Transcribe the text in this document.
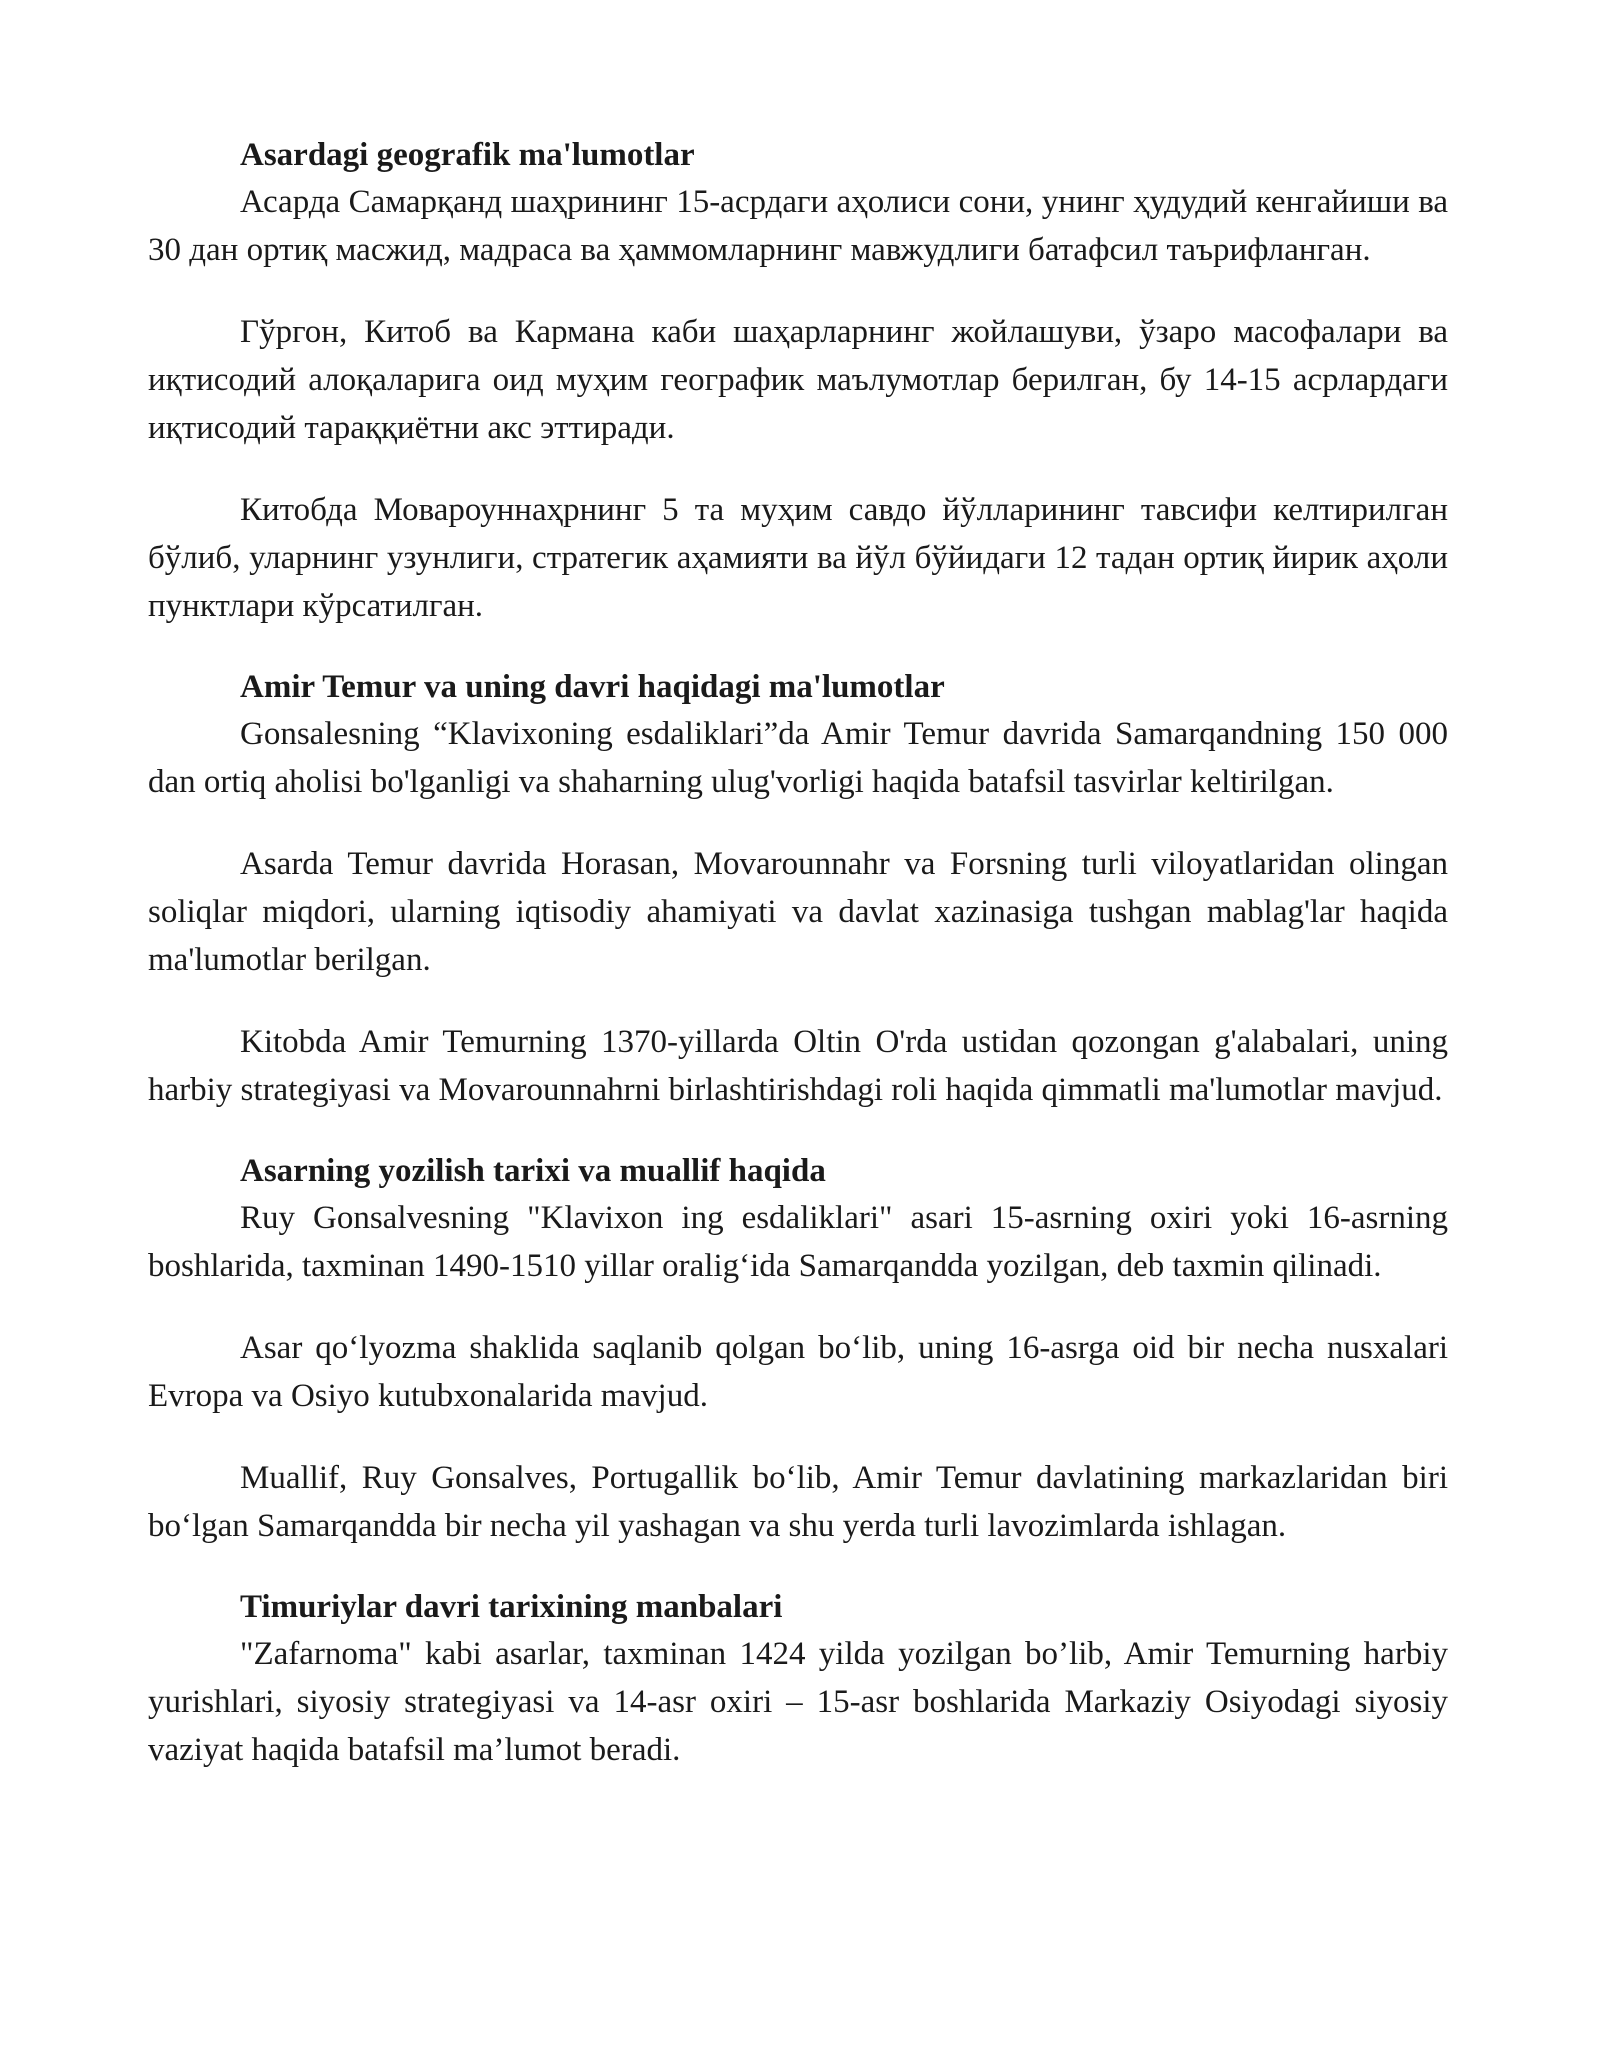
Asardagi geografik ma'lumotlar

Асарда Самарқанд шаҳрининг 15-асрдаги аҳолиси сони, унинг ҳудудий кенгайиши ва 30 дан ортиқ масжид, мадраса ва ҳаммомларнинг мавжудлиги батафсил таърифланган.

Гўргон, Китоб ва Кармана каби шаҳарларнинг жойлашуви, ўзаро масофалари ва иқтисодий алоқаларига оид муҳим географик маълумотлар берилган, бу 14-15 асрлардаги иқтисодий тараққиётни акс эттиради.

Китобда Мовароуннаҳрнинг 5 та муҳим савдо йўлларининг тавсифи келтирилган бўлиб, уларнинг узунлиги, стратегик аҳамияти ва йўл бўйидаги 12 тадан ортиқ йирик аҳоли пунктлари кўрсатилган.

Amir Temur va uning davri haqidagi ma'lumotlar

Gonsalesning “Klavixoning esdaliklari”da Amir Temur davrida Samarqandning 150 000 dan ortiq aholisi bo'lganligi va shaharning ulug'vorligi haqida batafsil tasvirlar keltirilgan.

Asarda Temur davrida Horasan, Movarounnahr va Forsning turli viloyatlaridan olingan soliqlar miqdori, ularning iqtisodiy ahamiyati va davlat xazinasiga tushgan mablag'lar haqida ma'lumotlar berilgan.

Kitobda Amir Temurning 1370-yillarda Oltin O'rda ustidan qozongan g'alabalari, uning harbiy strategiyasi va Movarounnahrni birlashtirishdagi roli haqida qimmatli ma'lumotlar mavjud.

Asarning yozilish tarixi va muallif haqida

Ruy Gonsalvesning "Klavixon ing esdaliklari" asari 15-asrning oxiri yoki 16-asrning boshlarida, taxminan 1490-1510 yillar oralig‘ida Samarqandda yozilgan, deb taxmin qilinadi.

Asar qo‘lyozma shaklida saqlanib qolgan bo‘lib, uning 16-asrga oid bir necha nusxalari Evropa va Osiyo kutubxonalarida mavjud.

Muallif, Ruy Gonsalves, Portugallik bo‘lib, Amir Temur davlatining markazlaridan biri bo‘lgan Samarqandda bir necha yil yashagan va shu yerda turli lavozimlarda ishlagan.

Timuriylar davri tarixining manbalari

"Zafarnoma" kabi asarlar, taxminan 1424 yilda yozilgan bo’lib, Amir Temurning harbiy yurishlari, siyosiy strategiyasi va 14-asr oxiri – 15-asr boshlarida Markaziy Osiyodagi siyosiy vaziyat haqida batafsil ma’lumot beradi.
